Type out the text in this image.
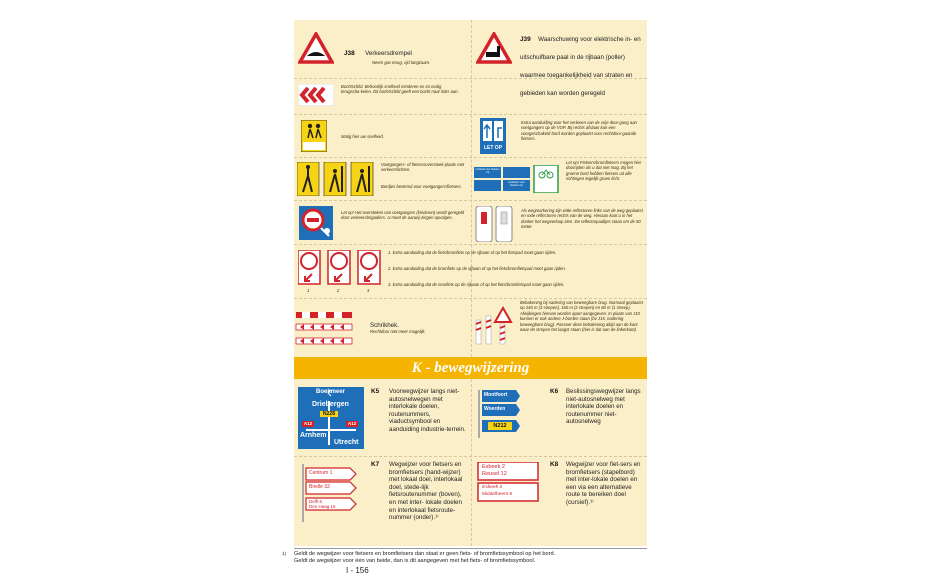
J38 Verkeersdrempel
Neem gas terug, rijd langzaam.
J39 Waarschuwing voor elektrische in- en uitschuifbare paal in de rijbaan (poller) waarmee toegankelijkheid van straten en gebieden kan worden geregeld
Bochtschild. Behoorlijk snelheid minderen en zo nodig terugscha-kelen. Dit bochtschild geeft een bocht naar links aan.
Matig hier uw snelheid.
LET OP
Extra aanduiding voor het verlenen van de vrije door-gang aan voetgangers op de VOP. Bij rechts afslaan kan een voorgeschakeld bord worden geplaatst voor rechtdoor-gaande fietsers.
Voetgangers- of fietsersoversteek-plaats met verkeerslichten.
Bordjes bestemd voor voetgangers/fietsers.
rechtsaf voor fietsers vrij
rechtdoor voor fietsers vrij
Let op! Fietsers/bromfietsers mogen hier doorrijden als u dat niet mag. Bij het groene bord hebben fietsers uit alle richtingen tegelijk groen licht.
Let op! Het oversteken van voetgangers (kinderen) wordt geregeld door verkeersbrigadiers. U moet de aanwij-zingen opvolgen.
Als wegmarkering zijn witte reflectoren links van de weg geplaatst en rode reflectoren rechts van de weg. Hieraan kunt u in het donker het wegverloop zien. De reflectorpaaltjes staan om de 50 meter.
1	2	3
1. Extra aanduiding dat de fiets/bromfiets op de rijbaan of op het fietspad moet gaan rijden.
2. Extra aanduiding dat de bromfiets op de rijbaan of op het fiets/bromfietspad moet gaan rijden.
3. Extra aanduiding dat de snorfiets op de rijbaan of op het fiets/bromfietspad moet gaan rijden.
Schrikhek.
Rechtdoor niet meer mogelijk.
Bebakening bij nadering van beweegbare brug. Normaal geplaatst op 240 m (3 strepen), 160 m (2 strepen) en 80 m (1 streep). Afwijkingen hiervan worden apart aangegeven. In plaats van J10 kunnen er ook andere J-borden staan (bv J15, nadering beweegbare brug). Passeer deze bebakening altijd aan de kant waar de strepen het laagst staan (hier is dat aan de linkerkant).
K - bewegwijzering
Boekmeer
Driebergen
N228
A12	A12
Arnhem
Utrecht
K5 Voorwegwijzer langs niet-autosnelwegen met interlokale doelen, routenummers, viaductsymbool en aanduiding industrie-terrein.
Montfoort
Woerden
N212
K6 Beslissingswegwijzer langs niet-autosnelweg met interlokale doelen en routenummer niet-autosnelweg
Centrum 1
Brielle 32
Delft 6
Den Haag 16
K7 Wegwijzer voor fietsers en bromfietsers (hand-wijzer) met lokaal doel, interlokaal doel, stede-lijk fietsroutenummer (boven), en met inter- lokale doelen en interlokaal fietsroute-nummer (onder).¹⁾
Esbeek 2
Reusel 12
Esbeek 3
Middelbeers 6
K8 Wegwijzer voor fiet-sers en bromfietsers (stapelbord) met inter-lokale doelen en een via een alternatieve route te bereiken doel (cursief).¹⁾
1) Geldt de wegwijzer voor fietsers en bromfietsers dan staat er geen fiets- of bromfietssymbool op het bord.
Geldt de wegwijzer voor één van beide, dan is dit aangegeven met het fiets- of bromfietssymbool.
I - 156
